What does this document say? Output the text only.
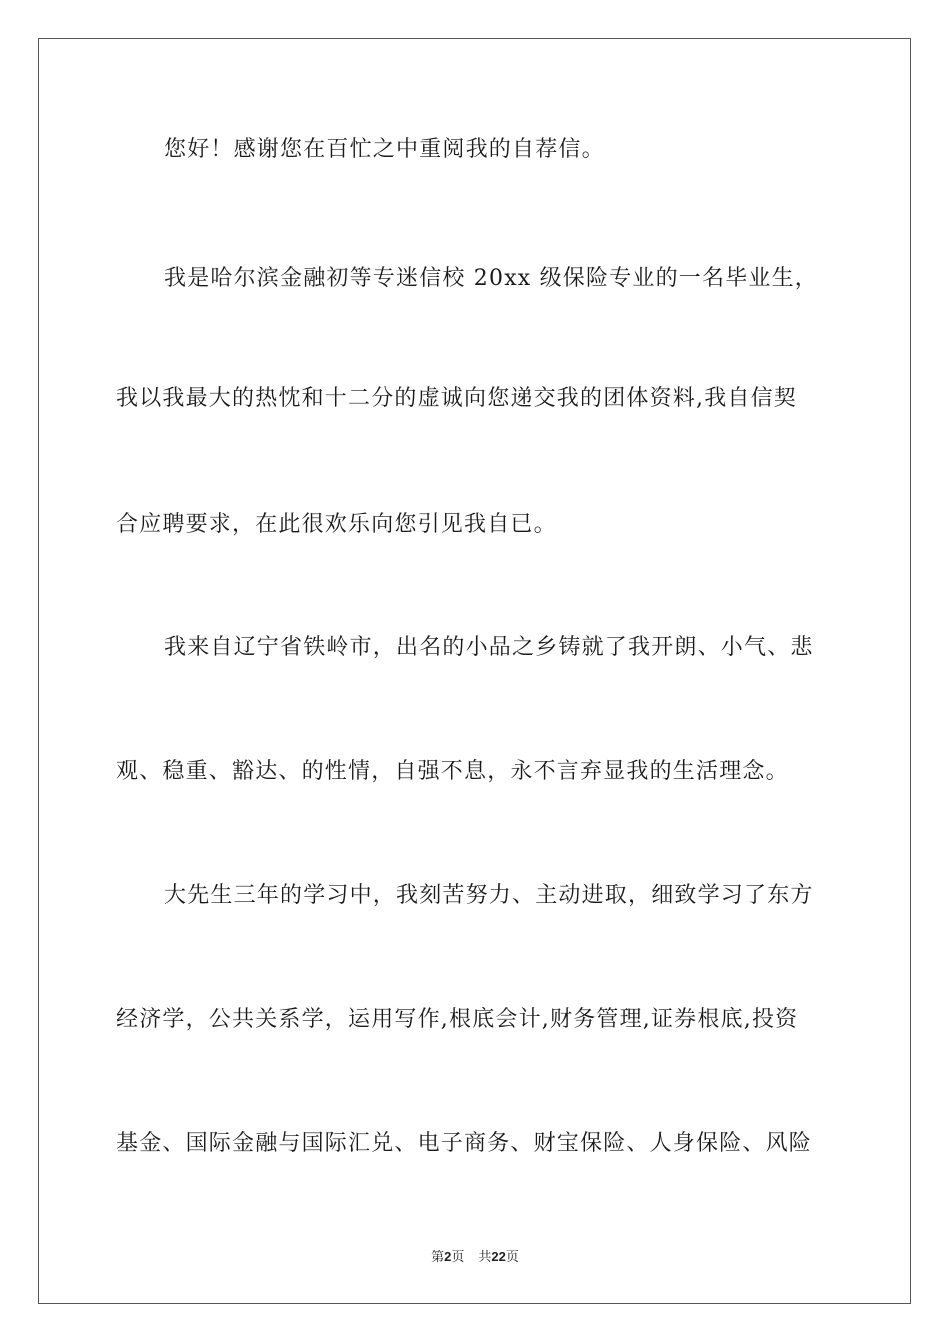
您好！感谢您在百忙之中重阅我的自荐信。
我是哈尔滨金融初等专迷信校 20xx 级保险专业的一名毕业生，
我以我最大的热忱和十二分的虚诚向您递交我的团体资料,我自信契
合应聘要求，在此很欢乐向您引见我自已。
我来自辽宁省铁岭市，出名的小品之乡铸就了我开朗、小气、悲
观、稳重、豁达、的性情，自强不息，永不言弃显我的生活理念。
大先生三年的学习中，我刻苦努力、主动进取，细致学习了东方
经济学，公共关系学，运用写作,根底会计,财务管理,证券根底,投资
基金、国际金融与国际汇兑、电子商务、财宝保险、人身保险、风险
第2页 共22页
